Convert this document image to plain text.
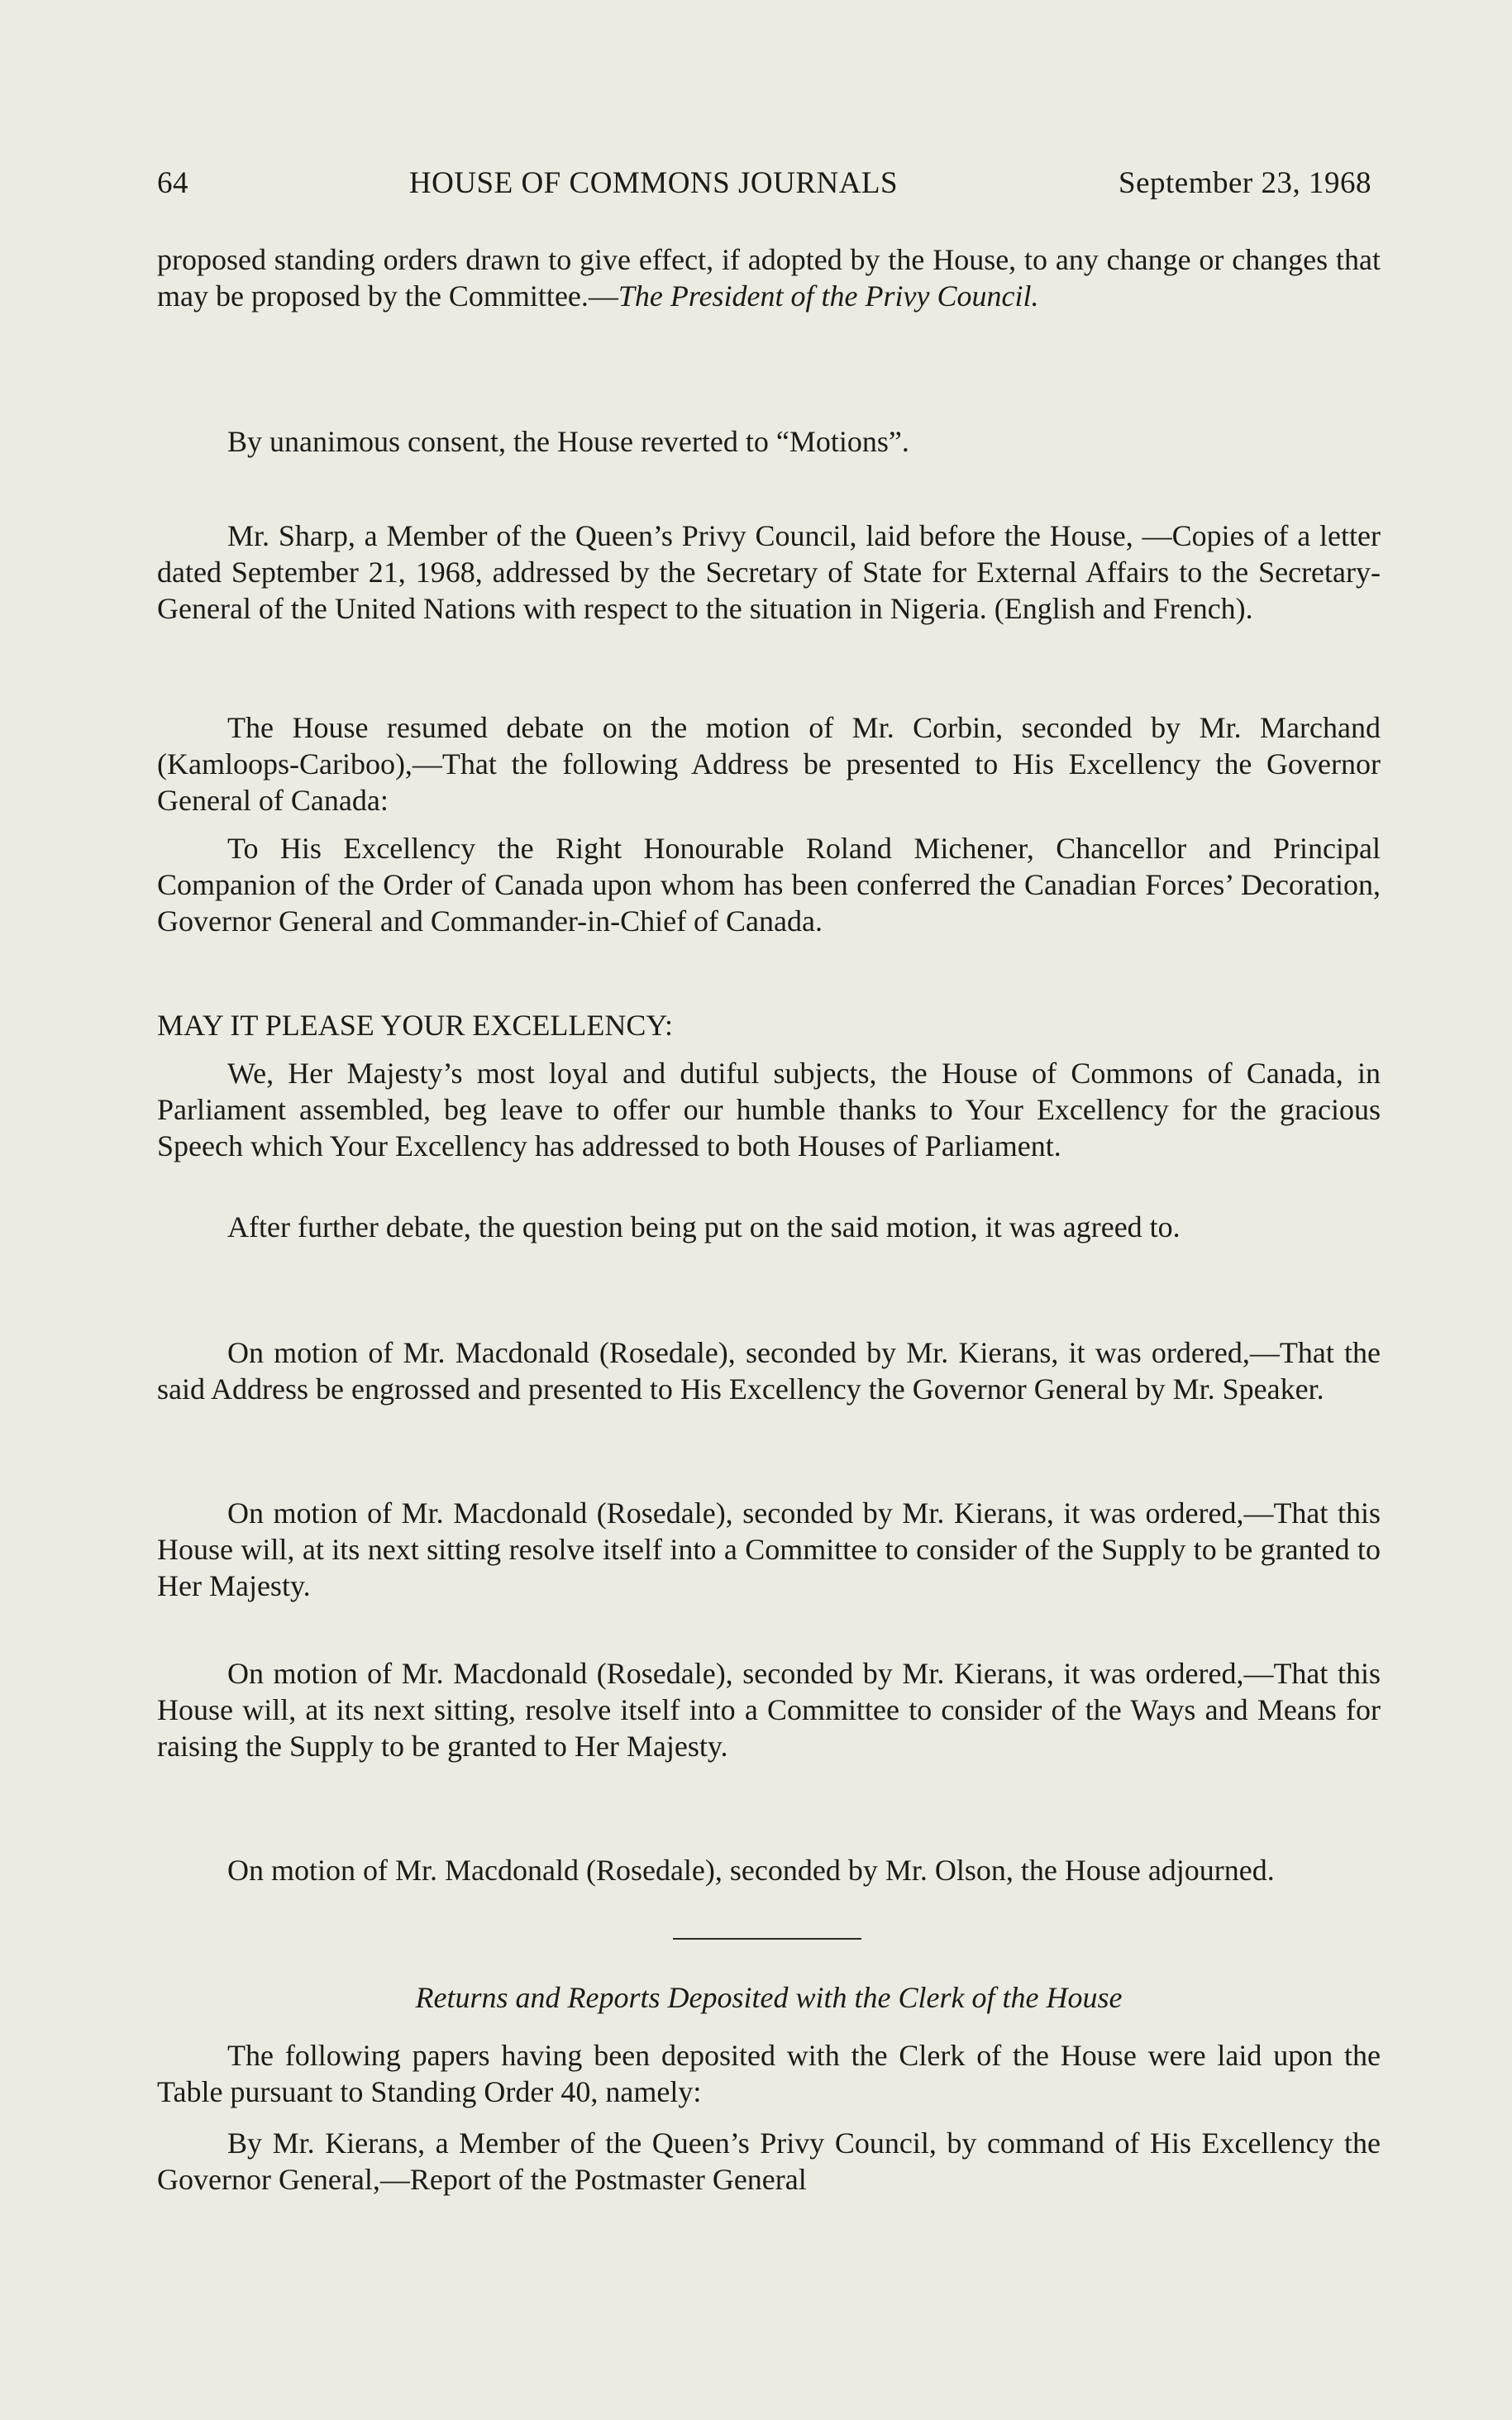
64	HOUSE OF COMMONS JOURNALS	September 23, 1968

proposed standing orders drawn to give effect, if adopted by the House, to any change or changes that may be proposed by the Committee.—The President of the Privy Council.

By unanimous consent, the House reverted to “Motions”.

Mr. Sharp, a Member of the Queen’s Privy Council, laid before the House, —Copies of a letter dated September 21, 1968, addressed by the Secretary of State for External Affairs to the Secretary-General of the United Nations with respect to the situation in Nigeria. (English and French).

The House resumed debate on the motion of Mr. Corbin, seconded by Mr. Marchand (Kamloops-Cariboo),—That the following Address be presented to His Excellency the Governor General of Canada:

To His Excellency the Right Honourable Roland Michener, Chancellor and Principal Companion of the Order of Canada upon whom has been conferred the Canadian Forces’ Decoration, Governor General and Commander-in-Chief of Canada.

MAY IT PLEASE YOUR EXCELLENCY:

We, Her Majesty’s most loyal and dutiful subjects, the House of Commons of Canada, in Parliament assembled, beg leave to offer our humble thanks to Your Excellency for the gracious Speech which Your Excellency has addressed to both Houses of Parliament.

After further debate, the question being put on the said motion, it was agreed to.

On motion of Mr. Macdonald (Rosedale), seconded by Mr. Kierans, it was ordered,—That the said Address be engrossed and presented to His Excellency the Governor General by Mr. Speaker.

On motion of Mr. Macdonald (Rosedale), seconded by Mr. Kierans, it was ordered,—That this House will, at its next sitting resolve itself into a Committee to consider of the Supply to be granted to Her Majesty.

On motion of Mr. Macdonald (Rosedale), seconded by Mr. Kierans, it was ordered,—That this House will, at its next sitting, resolve itself into a Committee to consider of the Ways and Means for raising the Supply to be granted to Her Majesty.

On motion of Mr. Macdonald (Rosedale), seconded by Mr. Olson, the House adjourned.

Returns and Reports Deposited with the Clerk of the House

The following papers having been deposited with the Clerk of the House were laid upon the Table pursuant to Standing Order 40, namely:

By Mr. Kierans, a Member of the Queen’s Privy Council, by command of His Excellency the Governor General,—Report of the Postmaster General
